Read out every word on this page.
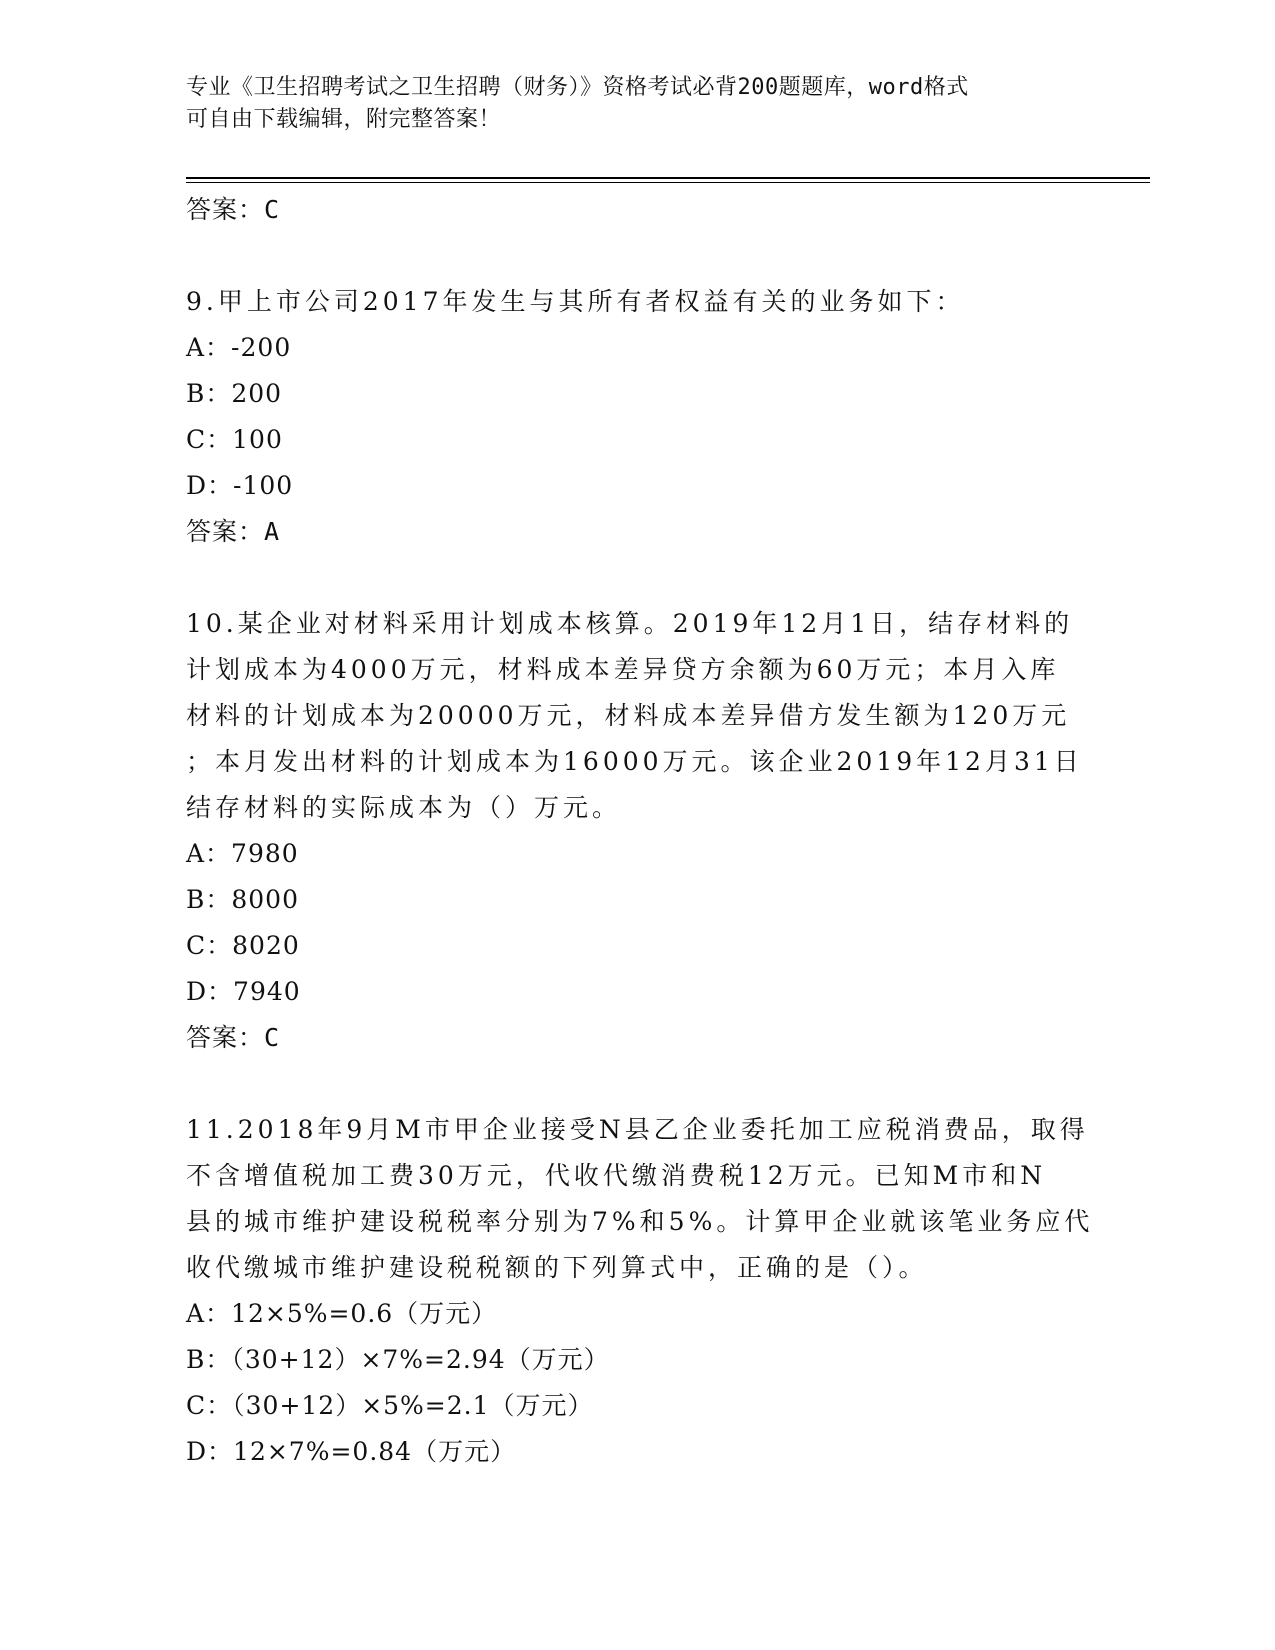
专业《卫生招聘考试之卫生招聘（财务）》资格考试必背200题题库，word格式
可自由下载编辑，附完整答案！
答案：C
9.甲上市公司2017年发生与其所有者权益有关的业务如下：
A：-200
B：200
C：100
D：-100
答案：A
10.某企业对材料采用计划成本核算。2019年12月1日，结存材料的
计划成本为4000万元，材料成本差异贷方余额为60万元；本月入库
材料的计划成本为20000万元，材料成本差异借方发生额为120万元
；本月发出材料的计划成本为16000万元。该企业2019年12月31日
结存材料的实际成本为（）万元。
A：7980
B：8000
C：8020
D：7940
答案：C
11.2018年9月M市甲企业接受N县乙企业委托加工应税消费品，取得
不含增值税加工费30万元，代收代缴消费税12万元。已知M市和N
县的城市维护建设税税率分别为7%和5%。计算甲企业就该笔业务应代
收代缴城市维护建设税税额的下列算式中，正确的是（）。
A：12×5%=0.6（万元）
B：（30+12）×7%=2.94（万元）
C：（30+12）×5%=2.1（万元）
D：12×7%=0.84（万元）
